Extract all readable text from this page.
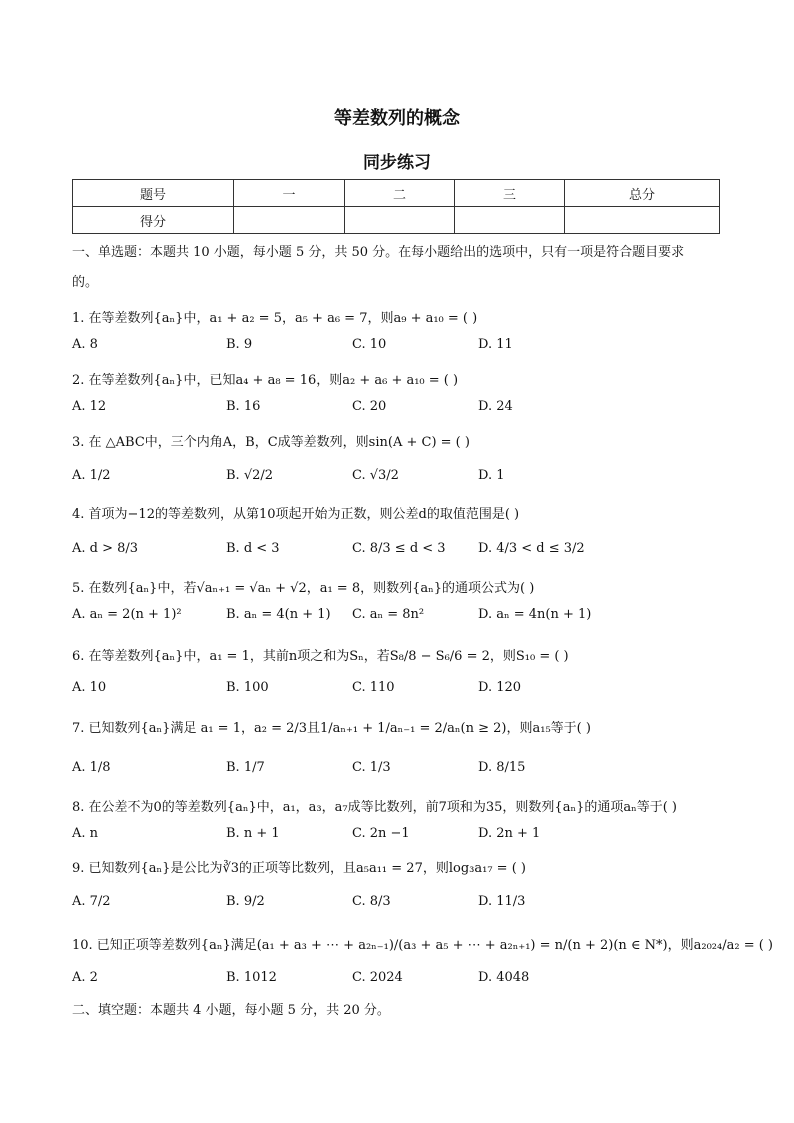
等差数列的概念
同步练习
题号	一	二	三	总分
得分				
一、单选题：本题共 10 小题，每小题 5 分，共 50 分。在每小题给出的选项中，只有一项是符合题目要求
的。
1. 在等差数列{aₙ}中，a₁ + a₂ = 5，a₅ + a₆ = 7，则a₉ + a₁₀ = ( )
A. 8	B. 9	C. 10	D. 11
2. 在等差数列{aₙ}中，已知a₄ + a₈ = 16，则a₂ + a₆ + a₁₀ = ( )
A. 12	B. 16	C. 20	D. 24
3. 在 △ABC中，三个内角A，B，C成等差数列，则sin(A + C) = ( )
A. 1/2	B. √2/2	C. √3/2	D. 1
4. 首项为−12的等差数列，从第10项起开始为正数，则公差d的取值范围是( )
A. d > 8/3	B. d < 3	C. 8/3 ≤ d < 3 D. 4/3 < d ≤ 3/2
5. 在数列{aₙ}中，若√aₙ₊₁ = √aₙ + √2，a₁ = 8，则数列{aₙ}的通项公式为( )
A. aₙ = 2(n + 1)²	B. aₙ = 4(n + 1) C. aₙ = 8n²	D. aₙ = 4n(n + 1)
6. 在等差数列{aₙ}中，a₁ = 1，其前n项之和为Sₙ，若S₈/8 − S₆/6 = 2，则S₁₀ = ( )
A. 10	B. 100	C. 110	D. 120
7. 已知数列{aₙ}满足 a₁ = 1，a₂ = 2/3且1/aₙ₊₁ + 1/aₙ₋₁ = 2/aₙ(n ≥ 2)，则a₁₅等于( )
A. 1/8	B. 1/7	C. 1/3	D. 8/15
8. 在公差不为0的等差数列{aₙ}中，a₁，a₃，a₇成等比数列，前7项和为35，则数列{aₙ}的通项aₙ等于( )
A. n	B. n + 1	C. 2n −1	D. 2n + 1
9. 已知数列{aₙ}是公比为∛3的正项等比数列，且a₅a₁₁ = 27，则log₃a₁₇ = ( )
A. 7/2	B. 9/2	C. 8/3	D. 11/3
10. 已知正项等差数列{aₙ}满足(a₁ + a₃ + ⋯ + a₂ₙ₋₁)/(a₃ + a₅ + ⋯ + a₂ₙ₊₁) = n/(n + 2)(n ∈ N*)，则a₂₀₂₄/a₂ = ( )
A. 2	B. 1012	C. 2024	D. 4048
二、填空题：本题共 4 小题，每小题 5 分，共 20 分。
